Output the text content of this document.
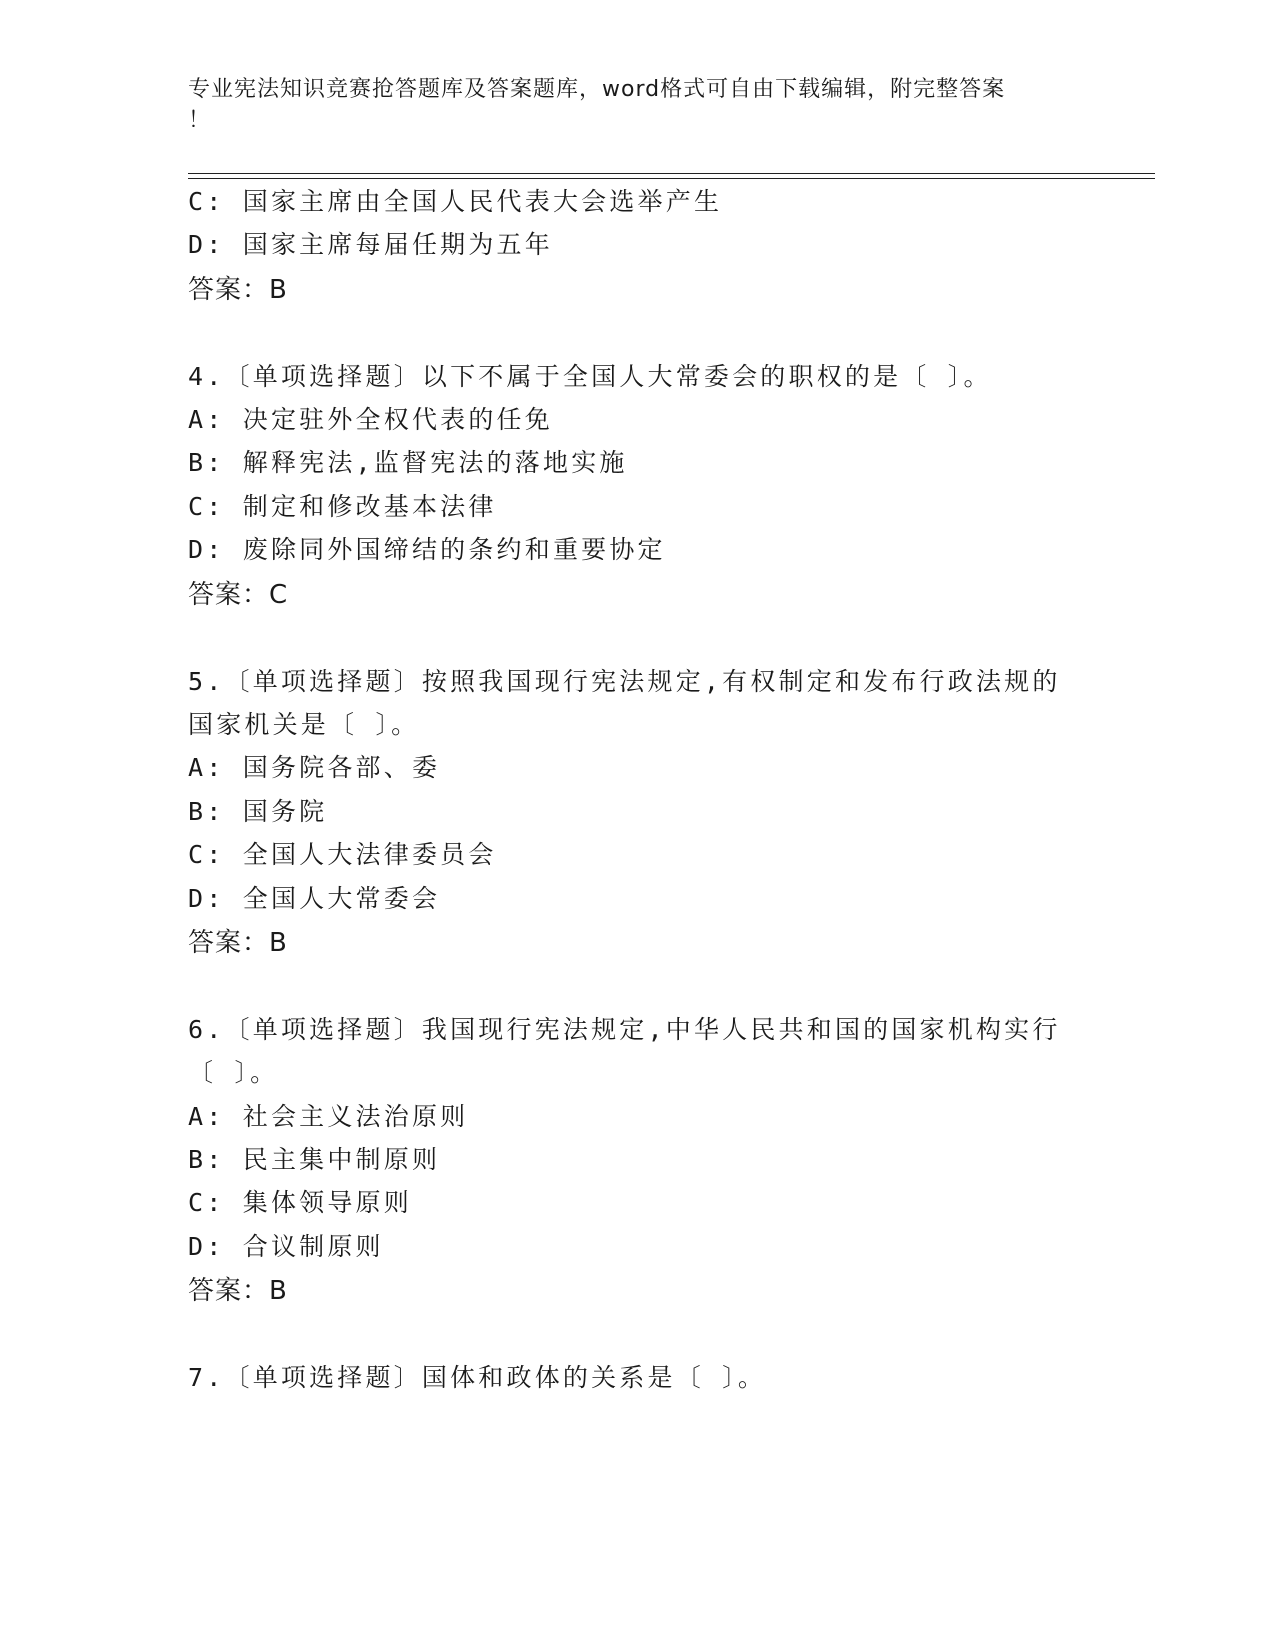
专业宪法知识竞赛抢答题库及答案题库，word格式可自由下载编辑，附完整答案
！
C: 国家主席由全国人民代表大会选举产生
D: 国家主席每届任期为五年
答案：B
4.〔单项选择题〕以下不属于全国人大常委会的职权的是〔 〕。
A: 决定驻外全权代表的任免
B: 解释宪法,监督宪法的落地实施
C: 制定和修改基本法律
D: 废除同外国缔结的条约和重要协定
答案：C
5.〔单项选择题〕按照我国现行宪法规定,有权制定和发布行政法规的
国家机关是〔 〕。
A: 国务院各部、委
B: 国务院
C: 全国人大法律委员会
D: 全国人大常委会
答案：B
6.〔单项选择题〕我国现行宪法规定,中华人民共和国的国家机构实行
〔 〕。
A: 社会主义法治原则
B: 民主集中制原则
C: 集体领导原则
D: 合议制原则
答案：B
7.〔单项选择题〕国体和政体的关系是〔 〕。
